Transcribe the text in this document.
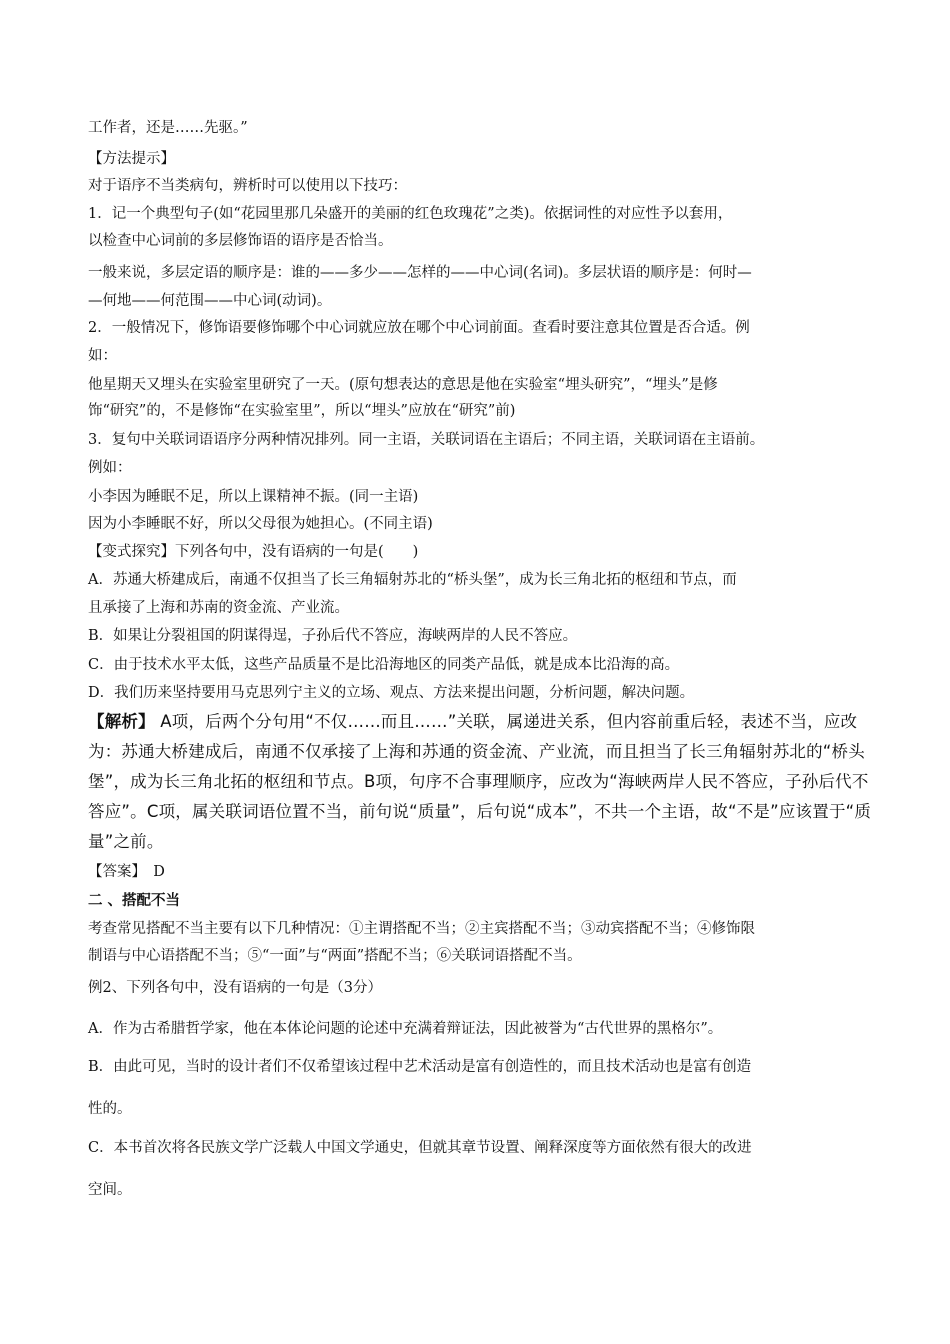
工作者，还是……先驱。”
【方法提示】
对于语序不当类病句，辨析时可以使用以下技巧：
1．记一个典型句子(如“花园里那几朵盛开的美丽的红色玫瑰花”之类)。依据词性的对应性予以套用，
以检查中心词前的多层修饰语的语序是否恰当。
一般来说，多层定语的顺序是：谁的——多少——怎样的——中心词(名词)。多层状语的顺序是：何时—
—何地——何范围——中心词(动词)。
2．一般情况下，修饰语要修饰哪个中心词就应放在哪个中心词前面。查看时要注意其位置是否合适。例
如：
他星期天又埋头在实验室里研究了一天。(原句想表达的意思是他在实验室“埋头研究”，“埋头”是修
饰“研究”的，不是修饰“在实验室里”，所以“埋头”应放在“研究”前)
3．复句中关联词语语序分两种情况排列。同一主语，关联词语在主语后；不同主语，关联词语在主语前。
例如：
小李因为睡眠不足，所以上课精神不振。(同一主语)
因为小李睡眠不好，所以父母很为她担心。(不同主语)
【变式探究】下列各句中，没有语病的一句是(　　)
A．苏通大桥建成后，南通不仅担当了长三角辐射苏北的“桥头堡”，成为长三角北拓的枢纽和节点，而
且承接了上海和苏南的资金流、产业流。
B．如果让分裂祖国的阴谋得逞，子孙后代不答应，海峡两岸的人民不答应。
C．由于技术水平太低，这些产品质量不是比沿海地区的同类产品低，就是成本比沿海的高。
D．我们历来坚持要用马克思列宁主义的立场、观点、方法来提出问题，分析问题，解决问题。
【解析】 A项，后两个分句用“不仅……而且……”关联，属递进关系，但内容前重后轻，表述不当，应改
为：苏通大桥建成后，南通不仅承接了上海和苏通的资金流、产业流，而且担当了长三角辐射苏北的“桥头
堡”，成为长三角北拓的枢纽和节点。B项，句序不合事理顺序，应改为“海峡两岸人民不答应，子孙后代不
答应”。C项，属关联词语位置不当，前句说“质量”，后句说“成本”，不共一个主语，故“不是”应该置于“质
量”之前。
【答案】　D
二 、搭配不当
考查常见搭配不当主要有以下几种情况：①主谓搭配不当；②主宾搭配不当；③动宾搭配不当；④修饰限
制语与中心语搭配不当；⑤“一面”与“两面”搭配不当；⑥关联词语搭配不当。
例2、下列各句中，没有语病的一句是（3分）
A．作为古希腊哲学家，他在本体论问题的论述中充满着辩证法，因此被誉为“古代世界的黑格尔”。
B．由此可见，当时的设计者们不仅希望该过程中艺术活动是富有创造性的，而且技术活动也是富有创造
性的。
C．本书首次将各民族文学广泛载人中国文学通史，但就其章节设置、阐释深度等方面依然有很大的改进
空间。
